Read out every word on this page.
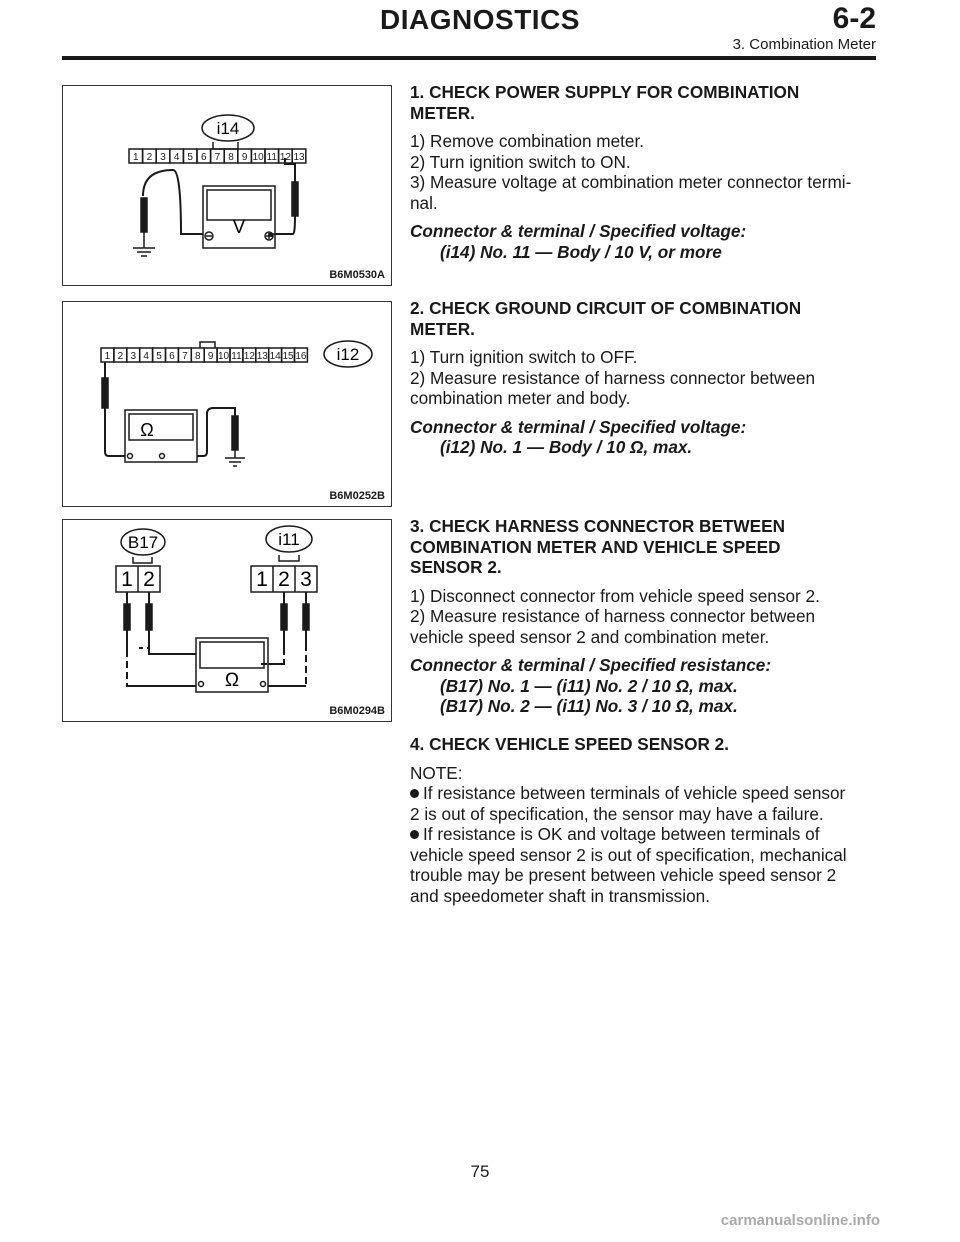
DIAGNOSTICS	6-2
3. Combination Meter
1 2 3 4 5 6 7 8 9 10 11 12 13
i14
V
B6M0530A
1 2 3 4 5 6 7 8 9 10 11 12 13 14 15 16 i12
Ω
B6M0252B
B17	i11
1 2	1 2 3
Ω
B6M0294B
1. CHECK POWER SUPPLY FOR COMBINATION
METER.
1) Remove combination meter.
2) Turn ignition switch to ON.
3) Measure voltage at combination meter connector termi-
nal.
Connector & terminal / Specified voltage:
(i14) No. 11 — Body / 10 V, or more
2. CHECK GROUND CIRCUIT OF COMBINATION
METER.
1) Turn ignition switch to OFF.
2) Measure resistance of harness connector between
combination meter and body.
Connector & terminal / Specified voltage:
(i12) No. 1 — Body / 10 Ω, max.
3. CHECK HARNESS CONNECTOR BETWEEN
COMBINATION METER AND VEHICLE SPEED
SENSOR 2.
1) Disconnect connector from vehicle speed sensor 2.
2) Measure resistance of harness connector between
vehicle speed sensor 2 and combination meter.
Connector & terminal / Specified resistance:
(B17) No. 1 — (i11) No. 2 / 10 Ω, max.
(B17) No. 2 — (i11) No. 3 / 10 Ω, max.
4. CHECK VEHICLE SPEED SENSOR 2.
NOTE:
If resistance between terminals of vehicle speed sensor
2 is out of specification, the sensor may have a failure.
If resistance is OK and voltage between terminals of
vehicle speed sensor 2 is out of specification, mechanical
trouble may be present between vehicle speed sensor 2
and speedometer shaft in transmission.
75
carmanualsonline.info
